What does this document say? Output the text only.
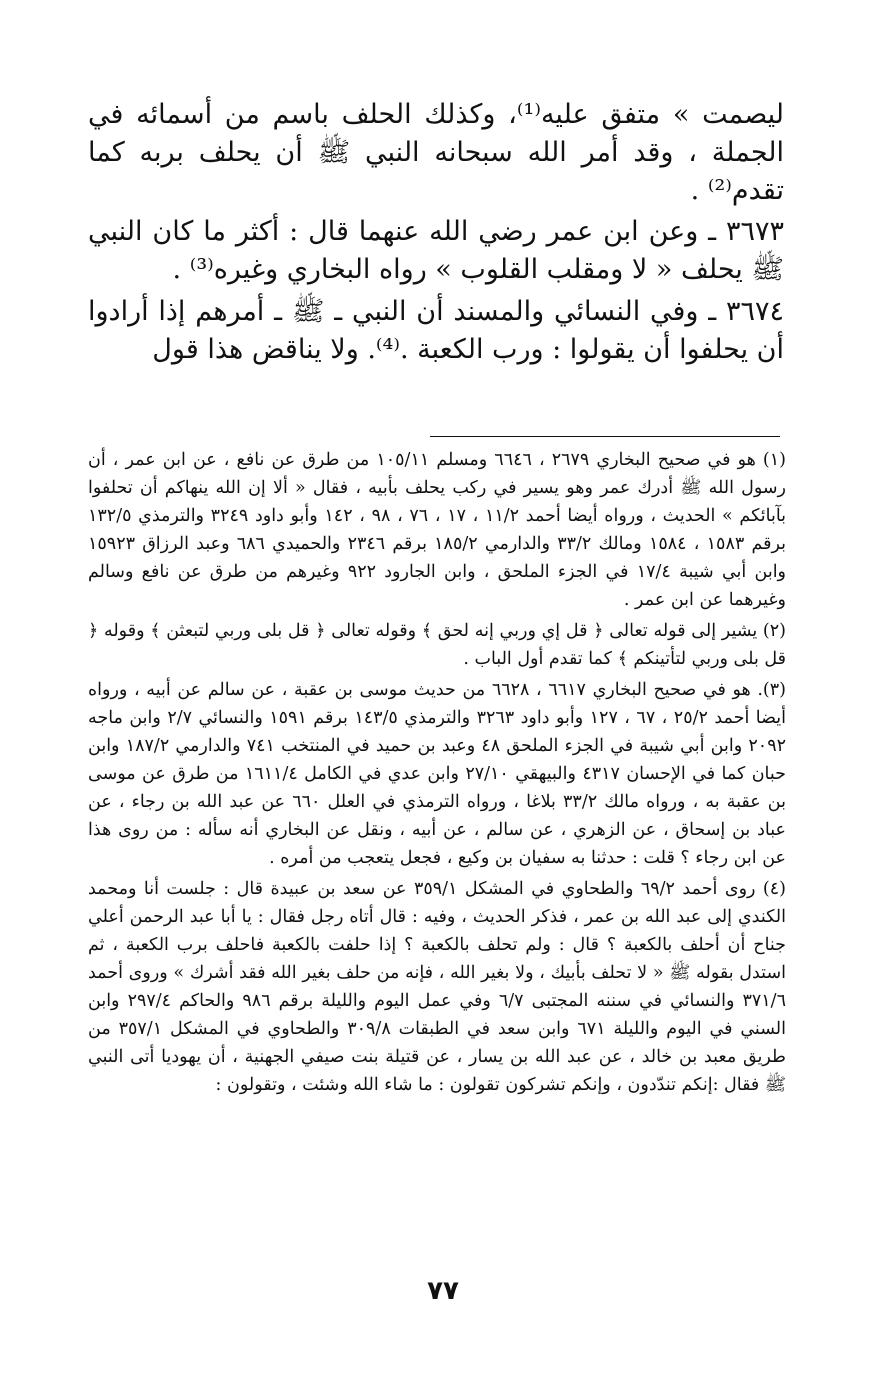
ليصمت » متفق عليه⁽¹⁾، وكذلك الحلف باسم من أسمائه في الجملة ، وقد أمر الله سبحانه النبي ﷺ أن يحلف بربه كما تقدم⁽²⁾ .

٣٦٧٣ ـ وعن ابن عمر رضي الله عنهما قال : أكثر ما كان النبي ﷺ يحلف « لا ومقلب القلوب » رواه البخاري وغيره⁽³⁾ .

٣٦٧٤ ـ وفي النسائي والمسند أن النبي ـ ﷺ ـ أمرهم إذا أرادوا أن يحلفوا أن يقولوا : ورب الكعبة .⁽⁴⁾. ولا يناقض هذا قول

(١) هو في صحيح البخاري ٢٦٧٩ ، ٦٦٤٦ ومسلم ١٠٥/١١ من طرق عن نافع ، عن ابن عمر ، أن رسول الله ﷺ أدرك عمر وهو يسير في ركب يحلف بأبيه ، فقال « ألا إن الله ينهاكم أن تحلفوا بآبائكم » الحديث ، ورواه أيضا أحمد ١١/٢ ، ١٧ ، ٧٦ ، ٩٨ ، ١٤٢ وأبو داود ٣٢٤٩ والترمذي ١٣٢/٥ برقم ١٥٨٣ ، ١٥٨٤ ومالك ٣٣/٢ والدارمي ١٨٥/٢ برقم ٢٣٤٦ والحميدي ٦٨٦ وعبد الرزاق ١٥٩٢٣ وابن أبي شيبة ١٧/٤ في الجزء الملحق ، وابن الجارود ٩٢٢ وغيرهم من طرق عن نافع وسالم وغيرهما عن ابن عمر .

(٢) يشير إلى قوله تعالى ﴿ قل إي وربي إنه لحق ﴾ وقوله تعالى ﴿ قل بلى وربي لتبعثن ﴾ وقوله ﴿ قل بلى وربي لتأتينكم ﴾ كما تقدم أول الباب .

(٣). هو في صحيح البخاري ٦٦١٧ ، ٦٦٢٨ من حديث موسى بن عقبة ، عن سالم عن أبيه ، ورواه أيضا أحمد ٢٥/٢ ، ٦٧ ، ١٢٧ وأبو داود ٣٢٦٣ والترمذي ١٤٣/٥ برقم ١٥٩١ والنسائي ٢/٧ وابن ماجه ٢٠٩٢ وابن أبي شيبة في الجزء الملحق ٤٨ وعبد بن حميد في المنتخب ٧٤١ والدارمي ١٨٧/٢ وابن حبان كما في الإحسان ٤٣١٧ والبيهقي ٢٧/١٠ وابن عدي في الكامل ١٦١١/٤ من طرق عن موسى بن عقبة به ، ورواه مالك ٣٣/٢ بلاغا ، ورواه الترمذي في العلل ٦٦٠ عن عبد الله بن رجاء ، عن عباد بن إسحاق ، عن الزهري ، عن سالم ، عن أبيه ، ونقل عن البخاري أنه سأله : من روى هذا عن ابن رجاء ؟ قلت : حدثنا به سفيان بن وكيع ، فجعل يتعجب من أمره .

(٤) روى أحمد ٦٩/٢ والطحاوي في المشكل ٣٥٩/١ عن سعد بن عبيدة قال : جلست أنا ومحمد الكندي إلى عبد الله بن عمر ، فذكر الحديث ، وفيه : قال أتاه رجل فقال : يا أبا عبد الرحمن أعلي جناح أن أحلف بالكعبة ؟ قال : ولم تحلف بالكعبة ؟ إذا حلفت بالكعبة فاحلف برب الكعبة ، ثم استدل بقوله ﷺ « لا تحلف بأبيك ، ولا بغير الله ، فإنه من حلف بغير الله فقد أشرك » وروى أحمد ٣٧١/٦ والنسائي في سننه المجتبى ٦/٧ وفي عمل اليوم والليلة برقم ٩٨٦ والحاكم ٢٩٧/٤ وابن السني في اليوم والليلة ٦٧١ وابن سعد في الطبقات ٣٠٩/٨ والطحاوي في المشكل ٣٥٧/١ من طريق معبد بن خالد ، عن عبد الله بن يسار ، عن قتيلة بنت صيفي الجهنية ، أن يهوديا أتى النبي ﷺ فقال :إنكم تندّدون ، وإنكم تشركون تقولون : ما شاء الله وشئت ، وتقولون :

٧٧
